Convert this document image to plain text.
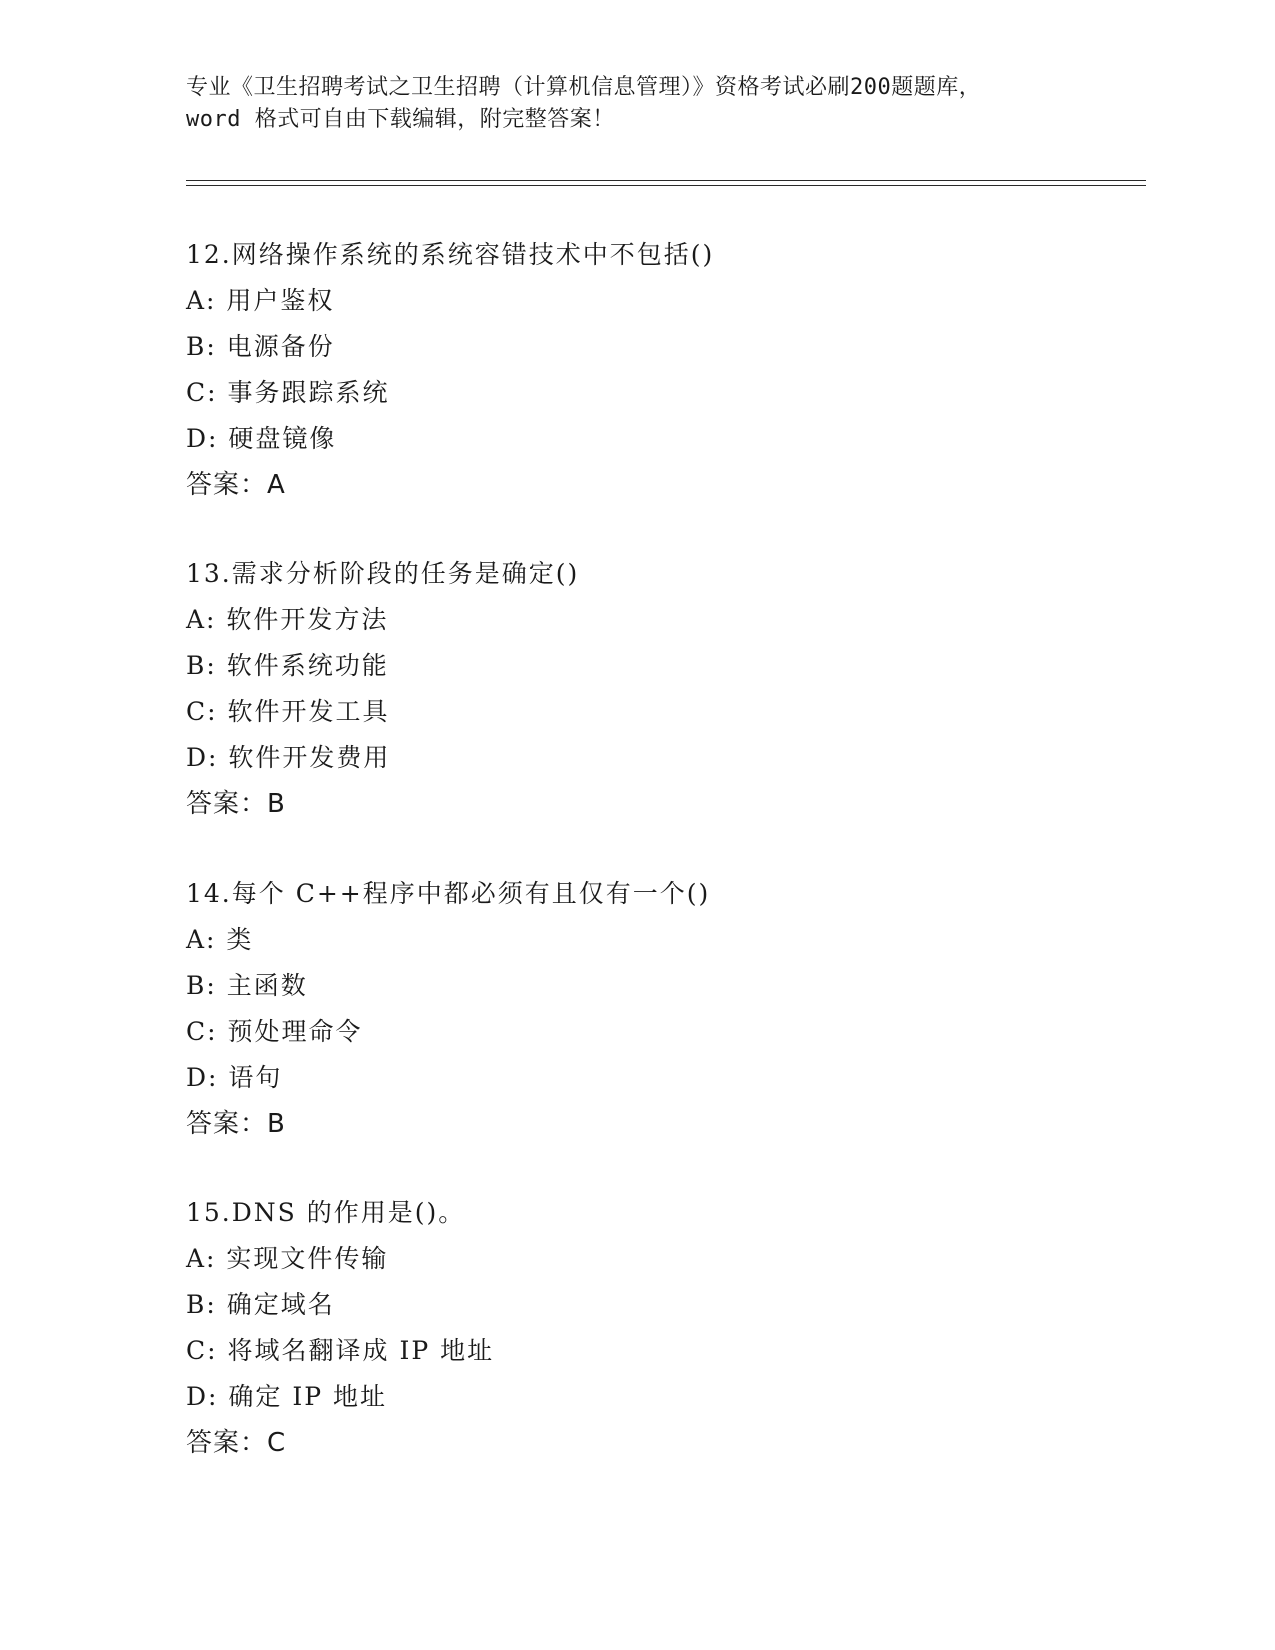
专业《卫生招聘考试之卫生招聘（计算机信息管理）》资格考试必刷200题题库，
word 格式可自由下载编辑，附完整答案！
12.网络操作系统的系统容错技术中不包括()
A: 用户鉴权
B: 电源备份
C: 事务跟踪系统
D: 硬盘镜像
答案：A
13.需求分析阶段的任务是确定()
A: 软件开发方法
B: 软件系统功能
C: 软件开发工具
D: 软件开发费用
答案：B
14.每个 C++程序中都必须有且仅有一个()
A: 类
B: 主函数
C: 预处理命令
D: 语句
答案：B
15.DNS 的作用是()。
A: 实现文件传输
B: 确定域名
C: 将域名翻译成 IP 地址
D: 确定 IP 地址
答案：C
